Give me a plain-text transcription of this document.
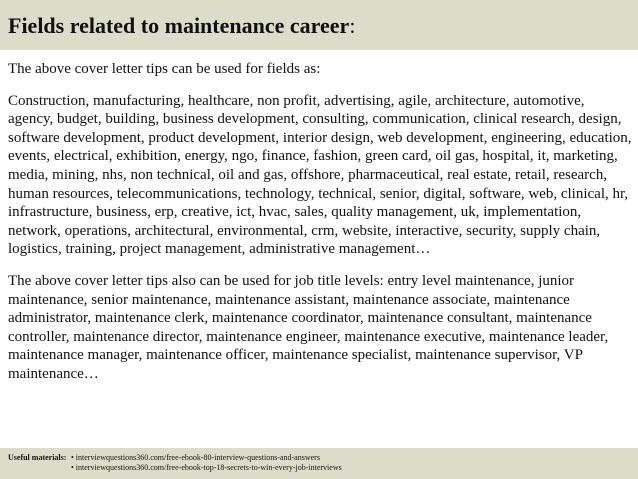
Fields related to maintenance career:

The above cover letter tips can be used for fields as:

Construction, manufacturing, healthcare, non profit, advertising, agile, architecture, automotive, agency, budget, building, business development, consulting, communication, clinical research, design, software development, product development, interior design, web development, engineering, education, events, electrical, exhibition, energy, ngo, finance, fashion, green card, oil gas, hospital, it, marketing, media, mining, nhs, non technical, oil and gas, offshore, pharmaceutical, real estate, retail, research, human resources, telecommunications, technology, technical, senior, digital, software, web, clinical, hr, infrastructure, business, erp, creative, ict, hvac, sales, quality management, uk, implementation, network, operations, architectural, environmental, crm, website, interactive, security, supply chain, logistics, training, project management, administrative management…

The above cover letter tips also can be used for job title levels: entry level maintenance, junior maintenance, senior maintenance, maintenance assistant, maintenance associate, maintenance administrator, maintenance clerk, maintenance coordinator, maintenance consultant, maintenance controller, maintenance director, maintenance engineer, maintenance executive, maintenance leader, maintenance manager, maintenance officer, maintenance specialist, maintenance supervisor, VP maintenance…

Useful materials: • interviewquestions360.com/free-ebook-80-interview-questions-and-answers
• interviewquestions360.com/free-ebook-top-18-secrets-to-win-every-job-interviews
